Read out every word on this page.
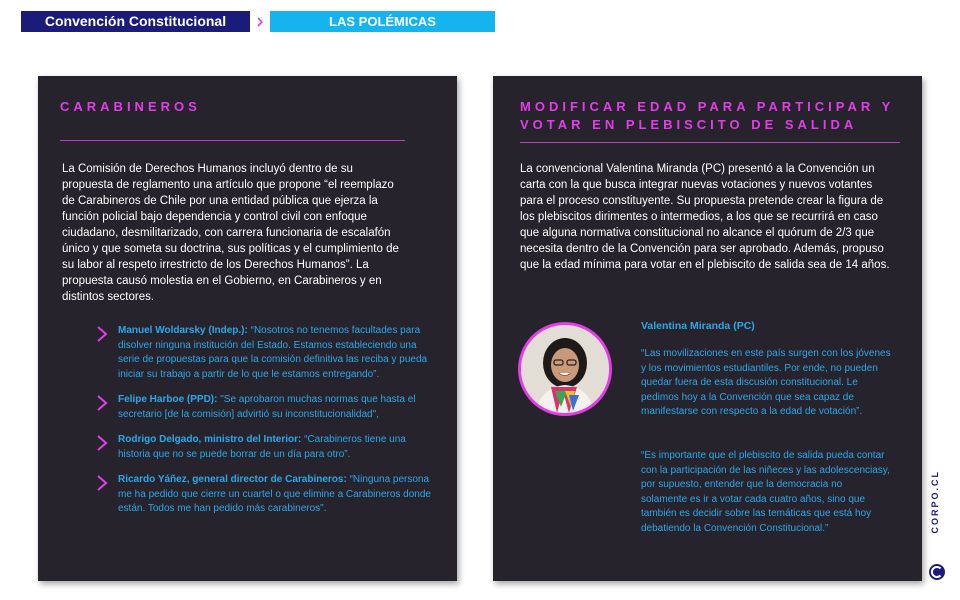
Convención Constitucional	LAS POLÉMICAS
CARABINEROS

La Comisión de Derechos Humanos incluyó dentro de su propuesta de reglamento una artículo que propone “el reemplazo de Carabineros de Chile por una entidad pública que ejerza la función policial bajo dependencia y control civil con enfoque ciudadano, desmilitarizado, con carrera funcionaria de escalafón único y que someta su doctrina, sus políticas y el cumplimiento de su labor al respeto irrestricto de los Derechos Humanos”. La propuesta causó molestia en el Gobierno, en Carabineros y en distintos sectores.

Manuel Woldarsky (Indep.): “Nosotros no tenemos facultades para disolver ninguna institución del Estado. Estamos estableciendo una serie de propuestas para que la comisión definitiva las reciba y pueda iniciar su trabajo a partir de lo que le estamos entregando”.
Felipe Harboe (PPD): "Se aprobaron muchas normas que hasta el secretario [de la comisión] advirtió su inconstitucionalidad",
Rodrigo Delgado, ministro del Interior: “Carabineros tiene una historia que no se puede borrar de un día para otro”.
Ricardo Yáñez, general director de Carabineros: “Ninguna persona me ha pedido que cierre un cuartel o que elimine a Carabineros donde están. Todos me han pedido más carabineros".
MODIFICAR EDAD PARA PARTICIPAR Y VOTAR EN PLEBISCITO DE SALIDA

La convencional Valentina Miranda (PC) presentó a la Convención un carta con la que busca integrar nuevas votaciones y nuevos votantes para el proceso constituyente. Su propuesta pretende crear la figura de los plebiscitos dirimentes o intermedios, a los que se recurrirá en caso que alguna normativa constitucional no alcance el quórum de 2/3 que necesita dentro de la Convención para ser aprobado. Además, propuso que la edad mínima para votar en el plebiscito de salida sea de 14 años.

Valentina Miranda (PC)

“Las movilizaciones en este país surgen con los jóvenes y los movimientos estudiantiles. Por ende, no pueden quedar fuera de esta discusión constitucional. Le pedimos hoy a la Convención que sea capaz de manifestarse con respecto a la edad de votación”.

“Es importante que el plebiscito de salida pueda contar con la participación de las niñeces y las adolescenciasy, por supuesto, entender que la democracia no solamente es ir a votar cada cuatro años, sino que también es decidir sobre las temáticas que está hoy debatiendo la Convención Constitucional.”	CORPO.CL
